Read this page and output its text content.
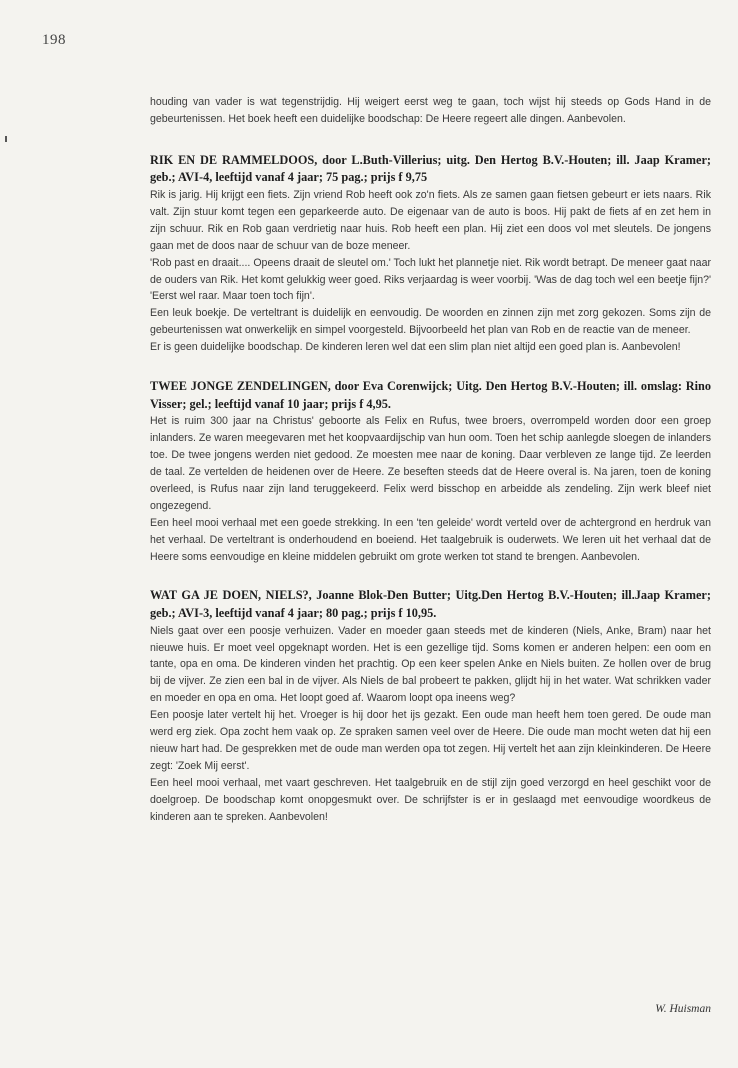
198

houding van vader is wat tegenstrijdig. Hij weigert eerst weg te gaan, toch wijst hij steeds op Gods Hand in de gebeurtenissen. Het boek heeft een duidelijke boodschap: De Heere regeert alle dingen. Aanbevolen.

RIK EN DE RAMMELDOOS, door L.Buth-Villerius; uitg. Den Hertog B.V.-Houten; ill. Jaap Kramer; geb.; AVI-4, leeftijd vanaf 4 jaar; 75 pag.; prijs f 9,75

Rik is jarig. Hij krijgt een fiets. Zijn vriend Rob heeft ook zo'n fiets. Als ze samen gaan fietsen gebeurt er iets naars. Rik valt. Zijn stuur komt tegen een geparkeerde auto. De eigenaar van de auto is boos. Hij pakt de fiets af en zet hem in zijn schuur. Rik en Rob gaan verdrietig naar huis. Rob heeft een plan. Hij ziet een doos vol met sleutels. De jongens gaan met de doos naar de schuur van de boze meneer.

'Rob past en draait.... Opeens draait de sleutel om.' Toch lukt het plannetje niet. Rik wordt betrapt. De meneer gaat naar de ouders van Rik. Het komt gelukkig weer goed. Riks verjaardag is weer voorbij. 'Was de dag toch wel een beetje fijn?' 'Eerst wel raar. Maar toen toch fijn'.

Een leuk boekje. De verteltrant is duidelijk en eenvoudig. De woorden en zinnen zijn met zorg gekozen. Soms zijn de gebeurtenissen wat onwerkelijk en simpel voorgesteld. Bijvoorbeeld het plan van Rob en de reactie van de meneer.

Er is geen duidelijke boodschap. De kinderen leren wel dat een slim plan niet altijd een goed plan is. Aanbevolen!

TWEE JONGE ZENDELINGEN, door Eva Corenwijck; Uitg. Den Hertog B.V.-Houten; ill. omslag: Rino Visser; gel.; leeftijd vanaf 10 jaar; prijs f 4,95.

Het is ruim 300 jaar na Christus' geboorte als Felix en Rufus, twee broers, overrompeld worden door een groep inlanders. Ze waren meegevaren met het koopvaardijschip van hun oom. Toen het schip aanlegde sloegen de inlanders toe. De twee jongens werden niet gedood. Ze moesten mee naar de koning. Daar verbleven ze lange tijd. Ze leerden de taal. Ze vertelden de heidenen over de Heere. Ze beseften steeds dat de Heere overal is. Na jaren, toen de koning overleed, is Rufus naar zijn land teruggekeerd. Felix werd bisschop en arbeidde als zendeling. Zijn werk bleef niet ongezegend.

Een heel mooi verhaal met een goede strekking. In een 'ten geleide' wordt verteld over de achtergrond en herdruk van het verhaal. De verteltrant is onderhoudend en boeiend. Het taalgebruik is ouderwets. We leren uit het verhaal dat de Heere soms eenvoudige en kleine middelen gebruikt om grote werken tot stand te brengen. Aanbevolen.

WAT GA JE DOEN, NIELS?, Joanne Blok-Den Butter; Uitg.Den Hertog B.V.-Houten; ill.Jaap Kramer; geb.; AVI-3, leeftijd vanaf 4 jaar; 80 pag.; prijs f 10,95.

Niels gaat over een poosje verhuizen. Vader en moeder gaan steeds met de kinderen (Niels, Anke, Bram) naar het nieuwe huis. Er moet veel opgeknapt worden. Het is een gezellige tijd. Soms komen er anderen helpen: een oom en tante, opa en oma. De kinderen vinden het prachtig. Op een keer spelen Anke en Niels buiten. Ze hollen over de brug bij de vijver. Ze zien een bal in de vijver. Als Niels de bal probeert te pakken, glijdt hij in het water. Wat schrikken vader en moeder en opa en oma. Het loopt goed af. Waarom loopt opa ineens weg?

Een poosje later vertelt hij het. Vroeger is hij door het ijs gezakt. Een oude man heeft hem toen gered. De oude man werd erg ziek. Opa zocht hem vaak op. Ze spraken samen veel over de Heere. Die oude man mocht weten dat hij een nieuw hart had. De gesprekken met de oude man werden opa tot zegen. Hij vertelt het aan zijn kleinkinderen. De Heere zegt: 'Zoek Mij eerst'.

Een heel mooi verhaal, met vaart geschreven. Het taalgebruik en de stijl zijn goed verzorgd en heel geschikt voor de doelgroep. De boodschap komt onopgesmukt over. De schrijfster is er in geslaagd met eenvoudige woordkeus de kinderen aan te spreken. Aanbevolen!

W. Huisman
